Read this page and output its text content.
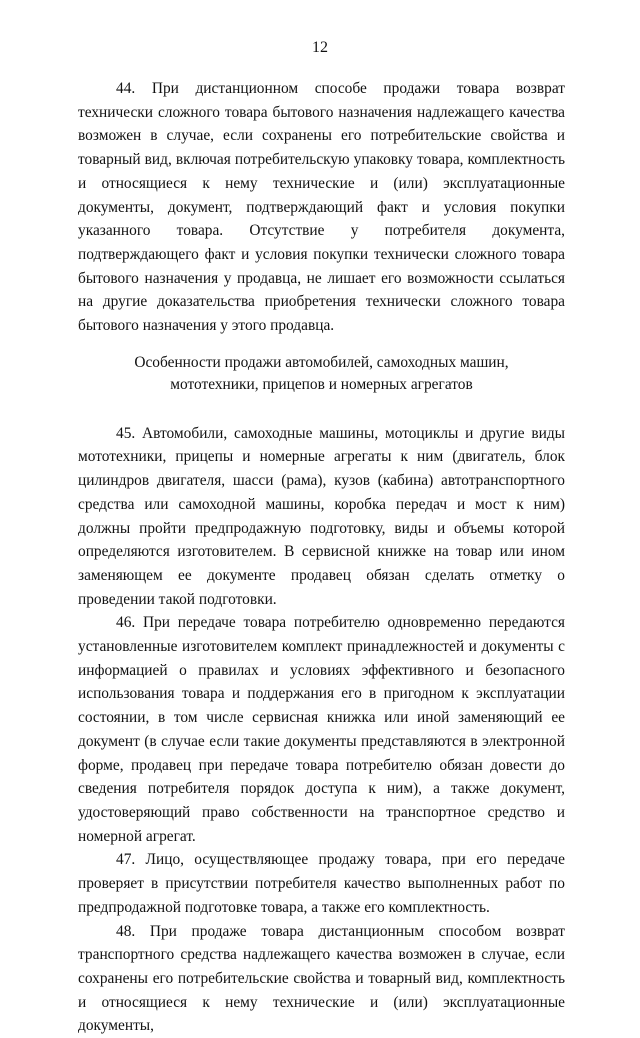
12

44. При дистанционном способе продажи товара возврат технически сложного товара бытового назначения надлежащего качества возможен в случае, если сохранены его потребительские свойства и товарный вид, включая потребительскую упаковку товара, комплектность и относящиеся к нему технические и (или) эксплуатационные документы, документ, подтверждающий факт и условия покупки указанного товара. Отсутствие у потребителя документа, подтверждающего факт и условия покупки технически сложного товара бытового назначения у продавца, не лишает его возможности ссылаться на другие доказательства приобретения технически сложного товара бытового назначения у этого продавца.

Особенности продажи автомобилей, самоходных машин,
мототехники, прицепов и номерных агрегатов

45. Автомобили, самоходные машины, мотоциклы и другие виды мототехники, прицепы и номерные агрегаты к ним (двигатель, блок цилиндров двигателя, шасси (рама), кузов (кабина) автотранспортного средства или самоходной машины, коробка передач и мост к ним) должны пройти предпродажную подготовку, виды и объемы которой определяются изготовителем. В сервисной книжке на товар или ином заменяющем ее документе продавец обязан сделать отметку о проведении такой подготовки.

46. При передаче товара потребителю одновременно передаются установленные изготовителем комплект принадлежностей и документы с информацией о правилах и условиях эффективного и безопасного использования товара и поддержания его в пригодном к эксплуатации состоянии, в том числе сервисная книжка или иной заменяющий ее документ (в случае если такие документы представляются в электронной форме, продавец при передаче товара потребителю обязан довести до сведения потребителя порядок доступа к ним), а также документ, удостоверяющий право собственности на транспортное средство и номерной агрегат.

47. Лицо, осуществляющее продажу товара, при его передаче проверяет в присутствии потребителя качество выполненных работ по предпродажной подготовке товара, а также его комплектность.

48. При продаже товара дистанционным способом возврат транспортного средства надлежащего качества возможен в случае, если сохранены его потребительские свойства и товарный вид, комплектность и относящиеся к нему технические и (или) эксплуатационные документы,
